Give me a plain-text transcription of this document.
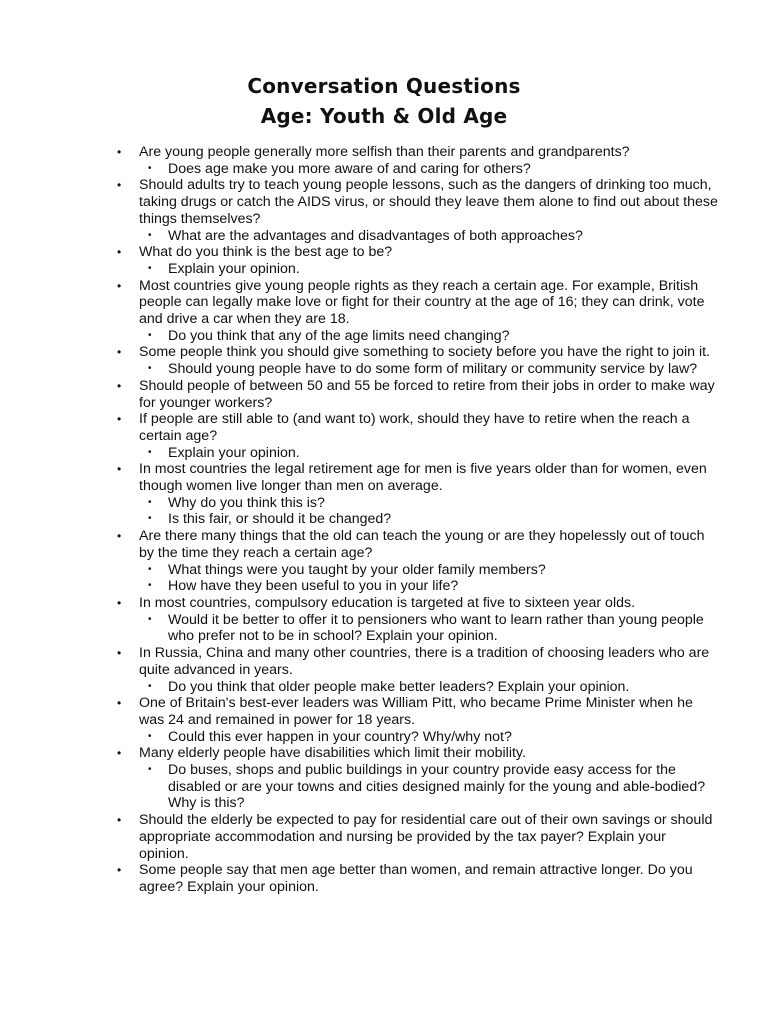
Conversation Questions
Age: Youth & Old Age
• Are young people generally more selfish than their parents and grandparents?
• Does age make you more aware of and caring for others?
• Should adults try to teach young people lessons, such as the dangers of drinking too much, taking drugs or catch the AIDS virus, or should they leave them alone to find out about these things themselves?
• What are the advantages and disadvantages of both approaches?
• What do you think is the best age to be?
• Explain your opinion.
• Most countries give young people rights as they reach a certain age. For example, British people can legally make love or fight for their country at the age of 16; they can drink, vote and drive a car when they are 18.
• Do you think that any of the age limits need changing?
• Some people think you should give something to society before you have the right to join it.
• Should young people have to do some form of military or community service by law?
• Should people of between 50 and 55 be forced to retire from their jobs in order to make way for younger workers?
• If people are still able to (and want to) work, should they have to retire when the reach a certain age?
• Explain your opinion.
• In most countries the legal retirement age for men is five years older than for women, even though women live longer than men on average.
• Why do you think this is?
• Is this fair, or should it be changed?
• Are there many things that the old can teach the young or are they hopelessly out of touch by the time they reach a certain age?
• What things were you taught by your older family members?
• How have they been useful to you in your life?
• In most countries, compulsory education is targeted at five to sixteen year olds.
• Would it be better to offer it to pensioners who want to learn rather than young people who prefer not to be in school? Explain your opinion.
• In Russia, China and many other countries, there is a tradition of choosing leaders who are quite advanced in years.
• Do you think that older people make better leaders? Explain your opinion.
• One of Britain's best-ever leaders was William Pitt, who became Prime Minister when he was 24 and remained in power for 18 years.
• Could this ever happen in your country? Why/why not?
• Many elderly people have disabilities which limit their mobility.
• Do buses, shops and public buildings in your country provide easy access for the disabled or are your towns and cities designed mainly for the young and able-bodied? Why is this?
• Should the elderly be expected to pay for residential care out of their own savings or should appropriate accommodation and nursing be provided by the tax payer? Explain your opinion.
• Some people say that men age better than women, and remain attractive longer. Do you agree? Explain your opinion.
